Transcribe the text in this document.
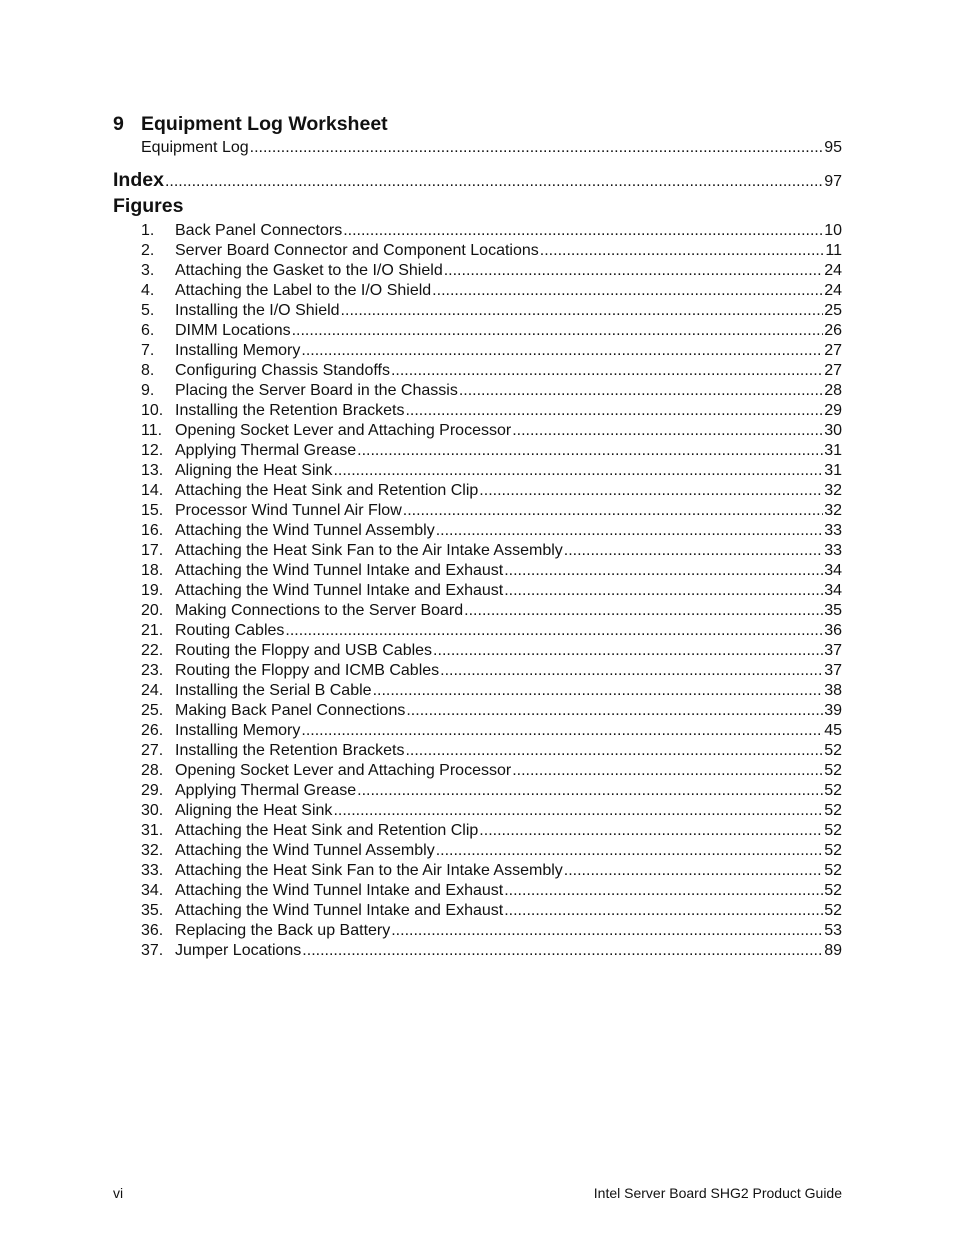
9 Equipment Log Worksheet
Equipment Log .....	95
Index .....	97
Figures
1.	Back Panel Connectors .....	10
2.	Server Board Connector and Component Locations .....	11
3.	Attaching the Gasket to the I/O Shield .....	24
4.	Attaching the Label to the I/O Shield .....	24
5.	Installing the I/O Shield .....	25
6.	DIMM Locations .....	26
7.	Installing Memory .....	27
8.	Configuring Chassis Standoffs .....	27
9.	Placing the Server Board in the Chassis .....	28
10. Installing the Retention Brackets .....	29
11. Opening Socket Lever and Attaching Processor .....	30
12. Applying Thermal Grease .....	31
13. Aligning the Heat Sink .....	31
14. Attaching the Heat Sink and Retention Clip .....	32
15. Processor Wind Tunnel Air Flow .....	32
16. Attaching the Wind Tunnel Assembly .....	33
17. Attaching the Heat Sink Fan to the Air Intake Assembly .....	33
18. Attaching the Wind Tunnel Intake and Exhaust .....	34
19. Attaching the Wind Tunnel Intake and Exhaust .....	34
20. Making Connections to the Server Board .....	35
21. Routing Cables .....	36
22. Routing the Floppy and USB Cables .....	37
23. Routing the Floppy and ICMB Cables .....	37
24. Installing the Serial B Cable .....	38
25. Making Back Panel Connections .....	39
26. Installing Memory .....	45
27. Installing the Retention Brackets .....	52
28. Opening Socket Lever and Attaching Processor .....	52
29. Applying Thermal Grease .....	52
30. Aligning the Heat Sink .....	52
31. Attaching the Heat Sink and Retention Clip .....	52
32. Attaching the Wind Tunnel Assembly .....	52
33. Attaching the Heat Sink Fan to the Air Intake Assembly .....	52
34. Attaching the Wind Tunnel Intake and Exhaust .....	52
35. Attaching the Wind Tunnel Intake and Exhaust .....	52
36. Replacing the Back up Battery .....	53
37. Jumper Locations .....	89
vi	Intel Server Board SHG2 Product Guide
